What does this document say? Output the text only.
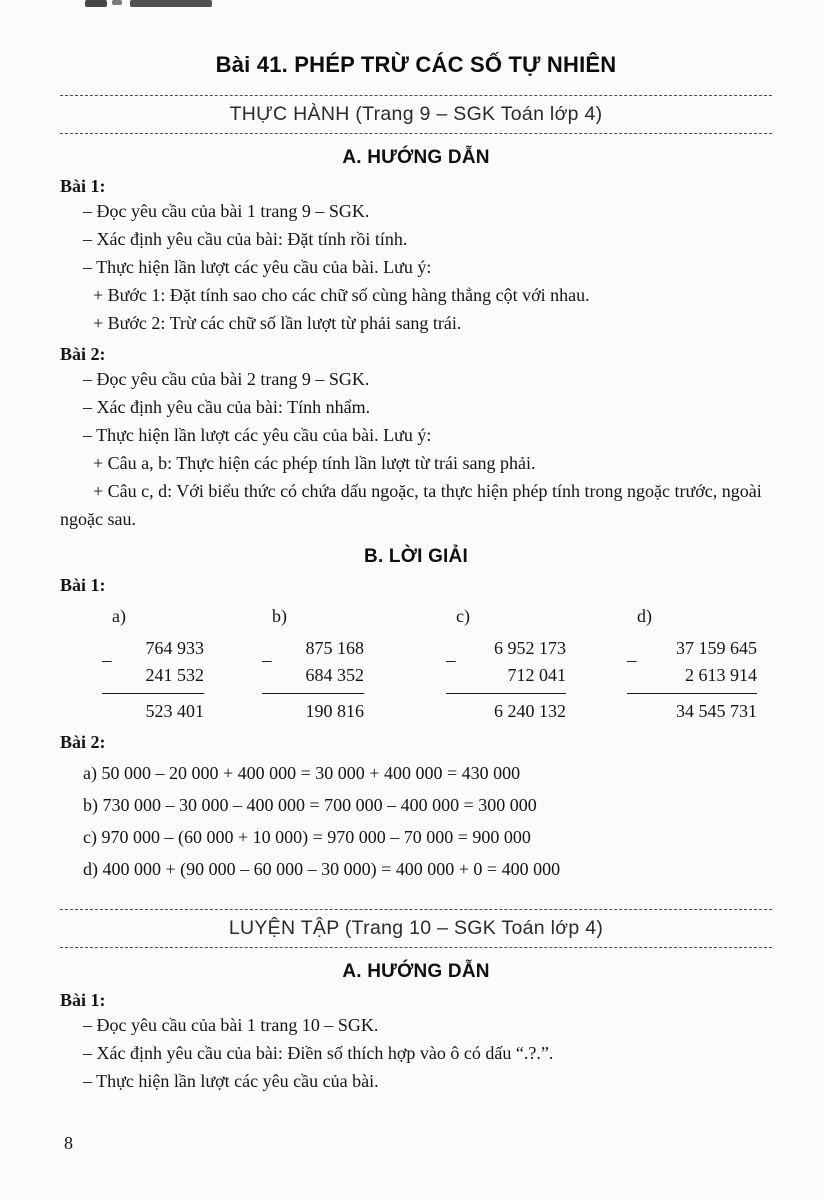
Bài 41. PHÉP TRỪ CÁC SỐ TỰ NHIÊN
THỰC HÀNH (Trang 9 – SGK Toán lớp 4)
A. HƯỚNG DẪN

Bài 1:

– Đọc yêu cầu của bài 1 trang 9 – SGK.

– Xác định yêu cầu của bài: Đặt tính rồi tính.

– Thực hiện lần lượt các yêu cầu của bài. Lưu ý:

+ Bước 1: Đặt tính sao cho các chữ số cùng hàng thẳng cột với nhau.

+ Bước 2: Trừ các chữ số lần lượt từ phải sang trái.

Bài 2:

– Đọc yêu cầu của bài 2 trang 9 – SGK.

– Xác định yêu cầu của bài: Tính nhẩm.

– Thực hiện lần lượt các yêu cầu của bài. Lưu ý:

+ Câu a, b: Thực hiện các phép tính lần lượt từ trái sang phải.

+ Câu c, d: Với biểu thức có chứa dấu ngoặc, ta thực hiện phép tính trong ngoặc trước, ngoài ngoặc sau.

B. LỜI GIẢI

Bài 1:

a)
–
764 933
241 532
523 401
b)
–
875 168
684 352
190 816
c)
–
6 952 173
712 041
6 240 132
d)
–
37 159 645
2 613 914
34 545 731

Bài 2:

a) 50 000 – 20 000 + 400 000 = 30 000 + 400 000 = 430 000

b) 730 000 – 30 000 – 400 000 = 700 000 – 400 000 = 300 000

c) 970 000 – (60 000 + 10 000) = 970 000 – 70 000 = 900 000

d) 400 000 + (90 000 – 60 000 – 30 000) = 400 000 + 0 = 400 000

LUYỆN TẬP (Trang 10 – SGK Toán lớp 4)
A. HƯỚNG DẪN

Bài 1:

– Đọc yêu cầu của bài 1 trang 10 – SGK.

– Xác định yêu cầu của bài: Điền số thích hợp vào ô có dấu “.?.”.

– Thực hiện lần lượt các yêu cầu của bài.

8
